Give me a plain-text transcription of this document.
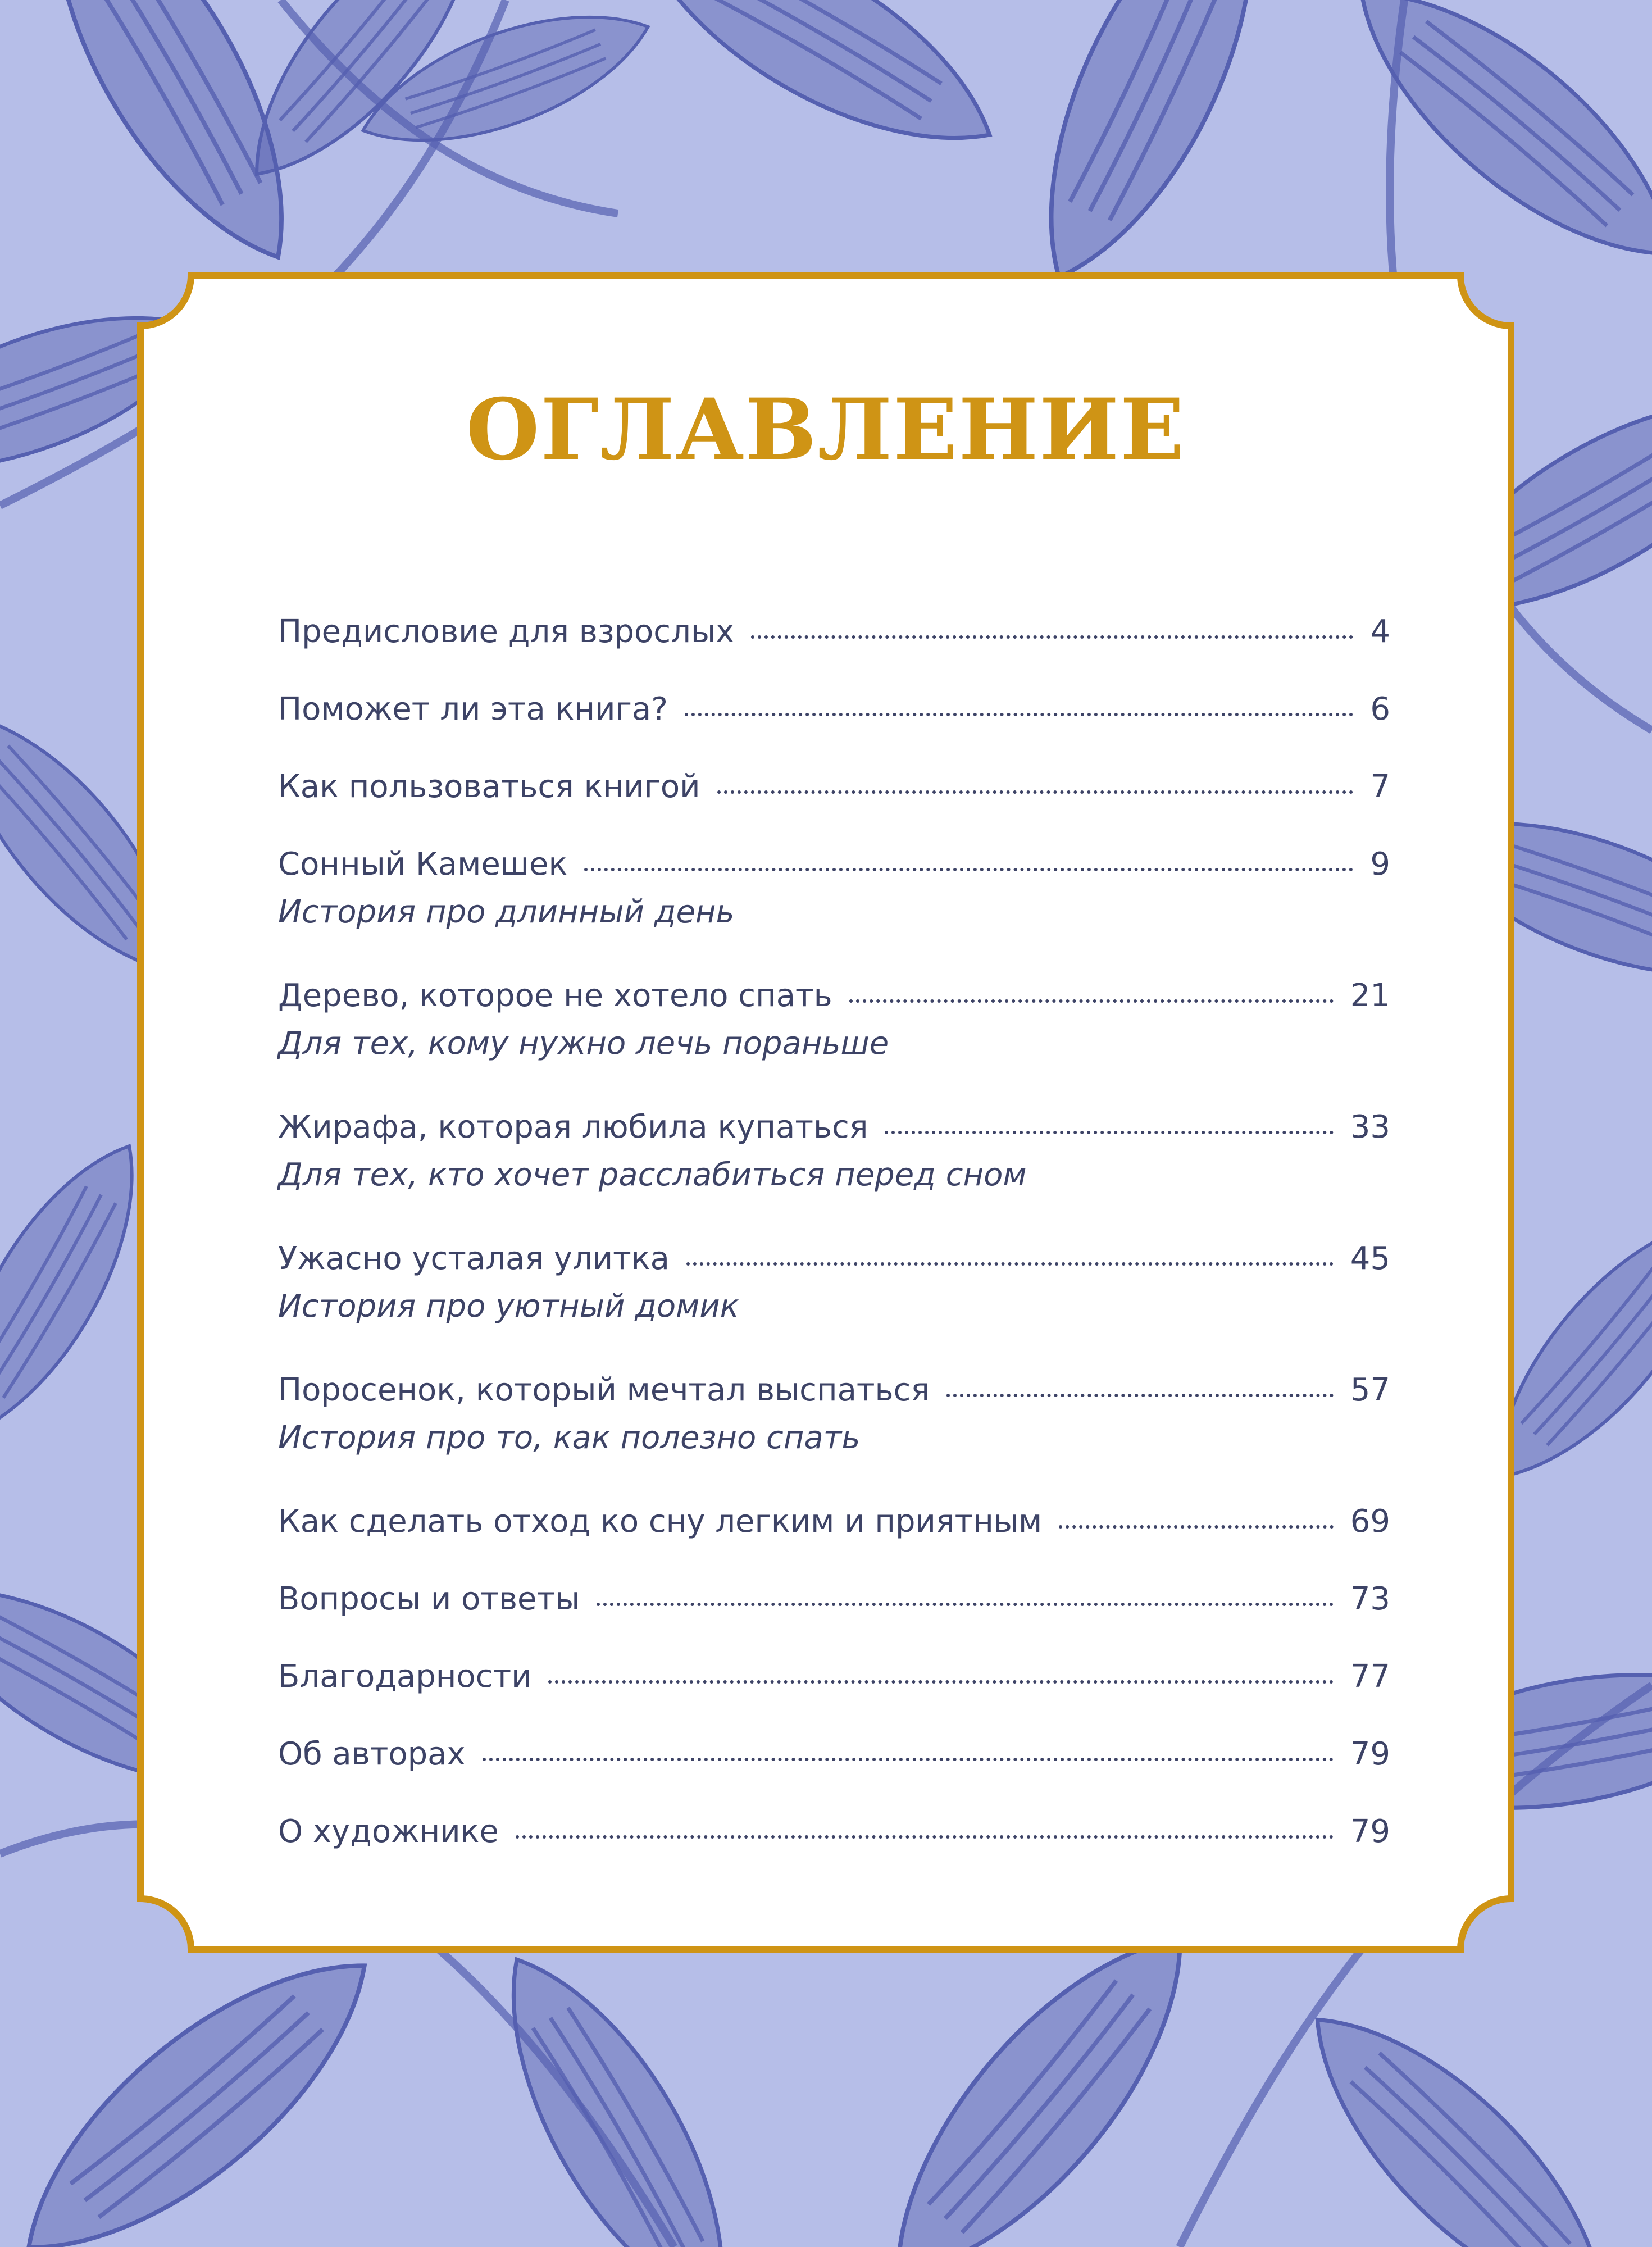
ОГЛАВЛЕНИЕ
Предисловие для взрослых	4
Поможет ли эта книга?	6
Как пользоваться книгой	7
Сонный Камешек	9
История про длинный день
Дерево, которое не хотело спать	21
Для тех, кому нужно лечь пораньше
Жирафа, которая любила купаться	33
Для тех, кто хочет расслабиться перед сном
Ужасно усталая улитка	45
История про уютный домик
Поросенок, который мечтал выспаться	57
История про то, как полезно спать
Как сделать отход ко сну легким и приятным	69
Вопросы и ответы	73
Благодарности	77
Об авторах	79
О художнике	79
